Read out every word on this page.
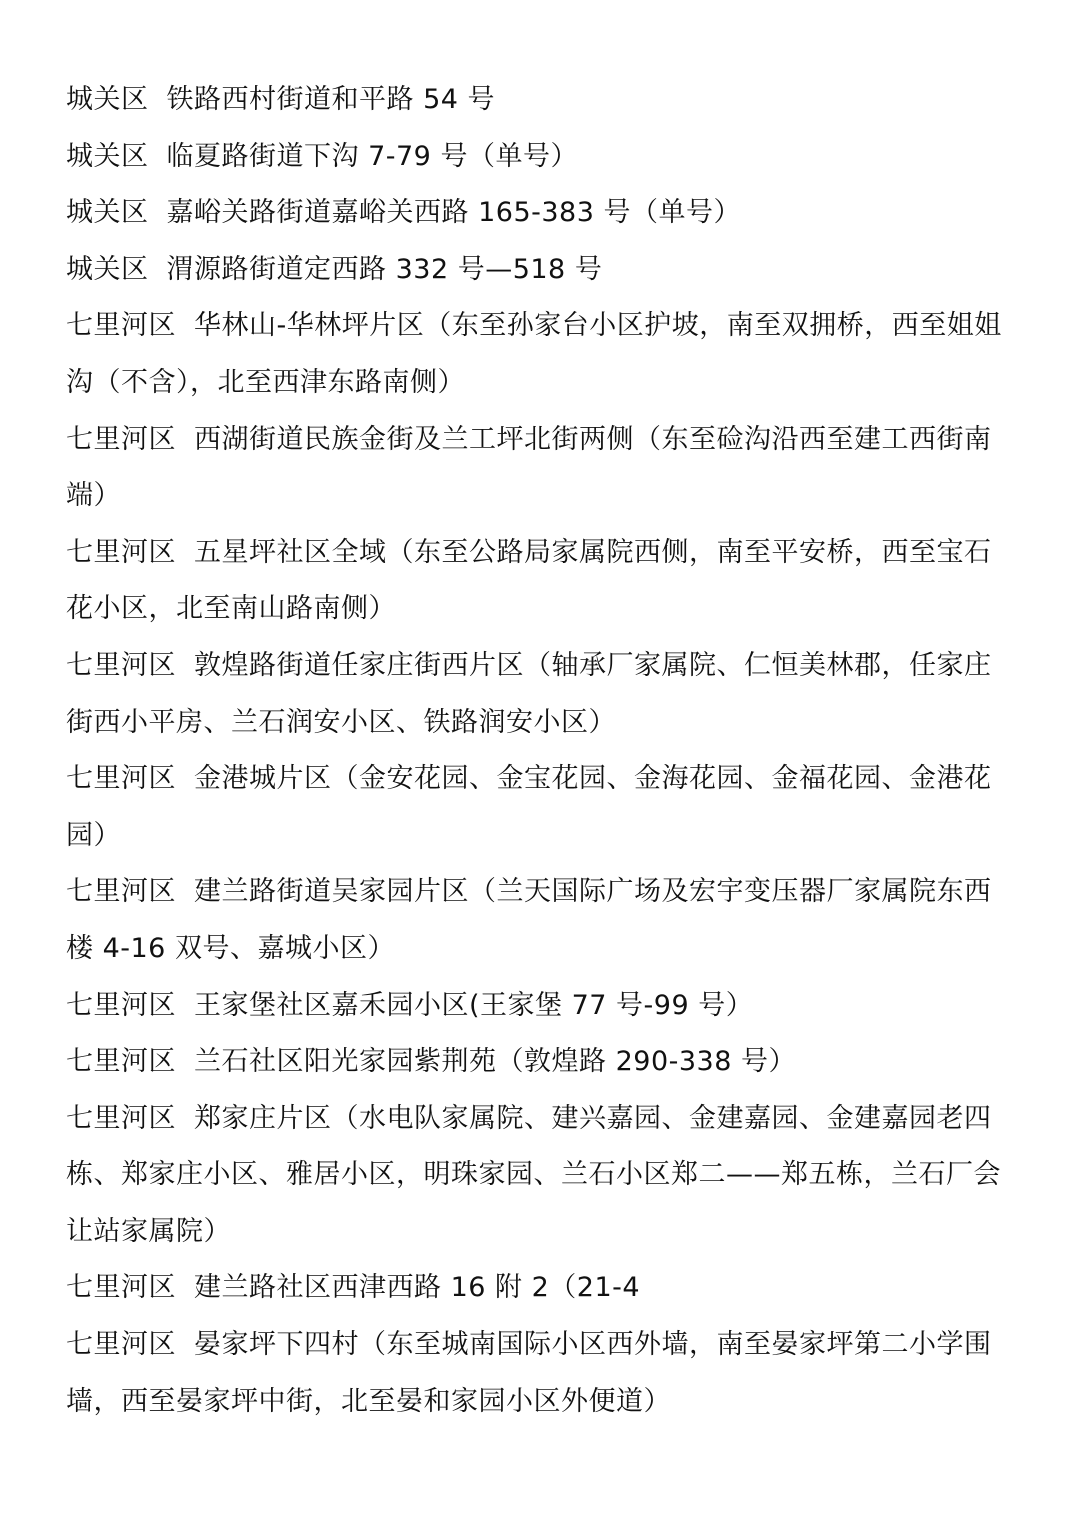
城关区 铁路西村街道和平路 54 号
城关区 临夏路街道下沟 7-79 号（单号）
城关区 嘉峪关路街道嘉峪关西路 165-383 号（单号）
城关区 渭源路街道定西路 332 号—518 号
七里河区 华林山-华林坪片区（东至孙家台小区护坡，南至双拥桥，西至姐姐沟（不含），北至西津东路南侧）
七里河区 西湖街道民族金街及兰工坪北街两侧（东至硷沟沿西至建工西街南端）
七里河区 五星坪社区全域（东至公路局家属院西侧，南至平安桥，西至宝石花小区，北至南山路南侧）
七里河区 敦煌路街道任家庄街西片区（轴承厂家属院、仁恒美林郡，任家庄街西小平房、兰石润安小区、铁路润安小区）
七里河区 金港城片区（金安花园、金宝花园、金海花园、金福花园、金港花园）
七里河区 建兰路街道吴家园片区（兰天国际广场及宏宇变压器厂家属院东西楼 4-16 双号、嘉城小区）
七里河区 王家堡社区嘉禾园小区(王家堡 77 号-99 号）
七里河区 兰石社区阳光家园紫荆苑（敦煌路 290-338 号）
七里河区 郑家庄片区（水电队家属院、建兴嘉园、金建嘉园、金建嘉园老四栋、郑家庄小区、雅居小区，明珠家园、兰石小区郑二——郑五栋，兰石厂会让站家属院）
七里河区 建兰路社区西津西路 16 附 2（21-4
七里河区 晏家坪下四村（东至城南国际小区西外墙，南至晏家坪第二小学围墙，西至晏家坪中街，北至晏和家园小区外便道）
